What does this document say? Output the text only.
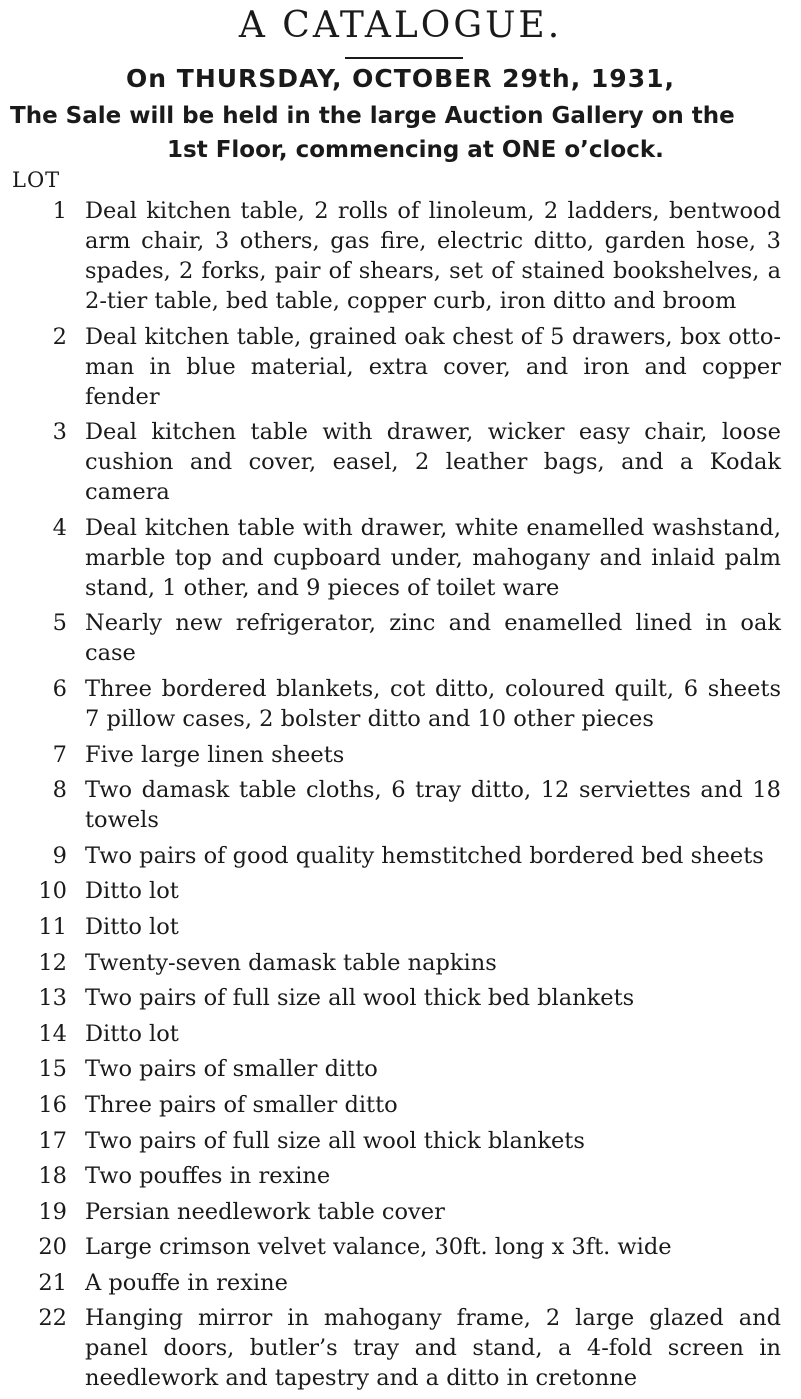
A CATALOGUE.
On THURSDAY, OCTOBER 29th, 1931,
The Sale will be held in the large Auction Gallery on the
1st Floor, commencing at ONE o’clock.
LOT
1 Deal kitchen table, 2 rolls of linoleum, 2 ladders, bentwood arm chair, 3 others, gas fire, electric ditto, garden hose, 3 spades, 2 forks, pair of shears, set of stained bookshelves, a 2-tier table, bed table, copper curb, iron ditto and broom
2 Deal kitchen table, grained oak chest of 5 drawers, box ottoman in blue material, extra cover, and iron and copper fender
3 Deal kitchen table with drawer, wicker easy chair, loose cushion and cover, easel, 2 leather bags, and a Kodak camera
4 Deal kitchen table with drawer, white enamelled washstand, marble top and cupboard under, mahogany and inlaid palm stand, 1 other, and 9 pieces of toilet ware
5 Nearly new refrigerator, zinc and enamelled lined in oak case
6 Three bordered blankets, cot ditto, coloured quilt, 6 sheets 7 pillow cases, 2 bolster ditto and 10 other pieces
7 Five large linen sheets
8 Two damask table cloths, 6 tray ditto, 12 serviettes and 18 towels
9 Two pairs of good quality hemstitched bordered bed sheets
10 Ditto lot
11 Ditto lot
12 Twenty-seven damask table napkins
13 Two pairs of full size all wool thick bed blankets
14 Ditto lot
15 Two pairs of smaller ditto
16 Three pairs of smaller ditto
17 Two pairs of full size all wool thick blankets
18 Two pouffes in rexine
19 Persian needlework table cover
20 Large crimson velvet valance, 30ft. long x 3ft. wide
21 A pouffe in rexine
22 Hanging mirror in mahogany frame, 2 large glazed and panel doors, butler’s tray and stand, a 4-fold screen in needlework and tapestry and a ditto in cretonne
